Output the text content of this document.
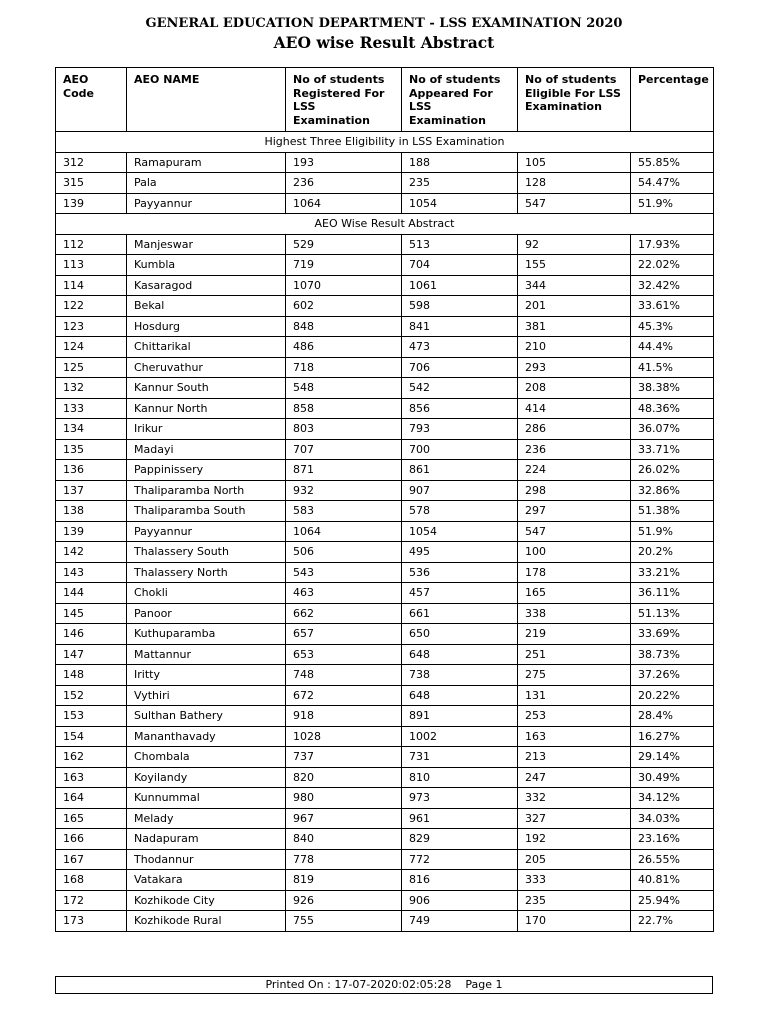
GENERAL EDUCATION DEPARTMENT - LSS EXAMINATION 2020
AEO wise Result Abstract
AEO Code	AEO NAME	No of students Registered For LSS Examination	No of students Appeared For LSS Examination	No of students Eligible For LSS Examination	Percentage
Highest Three Eligibility in LSS Examination					
312	Ramapuram	193	188	105	55.85%
315	Pala	236	235	128	54.47%
139	Payyannur	1064	1054	547	51.9%
AEO Wise Result Abstract					
112	Manjeswar	529	513	92	17.93%
113	Kumbla	719	704	155	22.02%
114	Kasaragod	1070	1061	344	32.42%
122	Bekal	602	598	201	33.61%
123	Hosdurg	848	841	381	45.3%
124	Chittarikal	486	473	210	44.4%
125	Cheruvathur	718	706	293	41.5%
132	Kannur South	548	542	208	38.38%
133	Kannur North	858	856	414	48.36%
134	Irikur	803	793	286	36.07%
135	Madayi	707	700	236	33.71%
136	Pappinissery	871	861	224	26.02%
137	Thaliparamba North	932	907	298	32.86%
138	Thaliparamba South	583	578	297	51.38%
139	Payyannur	1064	1054	547	51.9%
142	Thalassery South	506	495	100	20.2%
143	Thalassery North	543	536	178	33.21%
144	Chokli	463	457	165	36.11%
145	Panoor	662	661	338	51.13%
146	Kuthuparamba	657	650	219	33.69%
147	Mattannur	653	648	251	38.73%
148	Iritty	748	738	275	37.26%
152	Vythiri	672	648	131	20.22%
153	Sulthan Bathery	918	891	253	28.4%
154	Mananthavady	1028	1002	163	16.27%
162	Chombala	737	731	213	29.14%
163	Koyilandy	820	810	247	30.49%
164	Kunnummal	980	973	332	34.12%
165	Melady	967	961	327	34.03%
166	Nadapuram	840	829	192	23.16%
167	Thodannur	778	772	205	26.55%
168	Vatakara	819	816	333	40.81%
172	Kozhikode City	926	906	235	25.94%
173	Kozhikode Rural	755	749	170	22.7%
Printed On : 17-07-2020:02:05:28 Page 1
